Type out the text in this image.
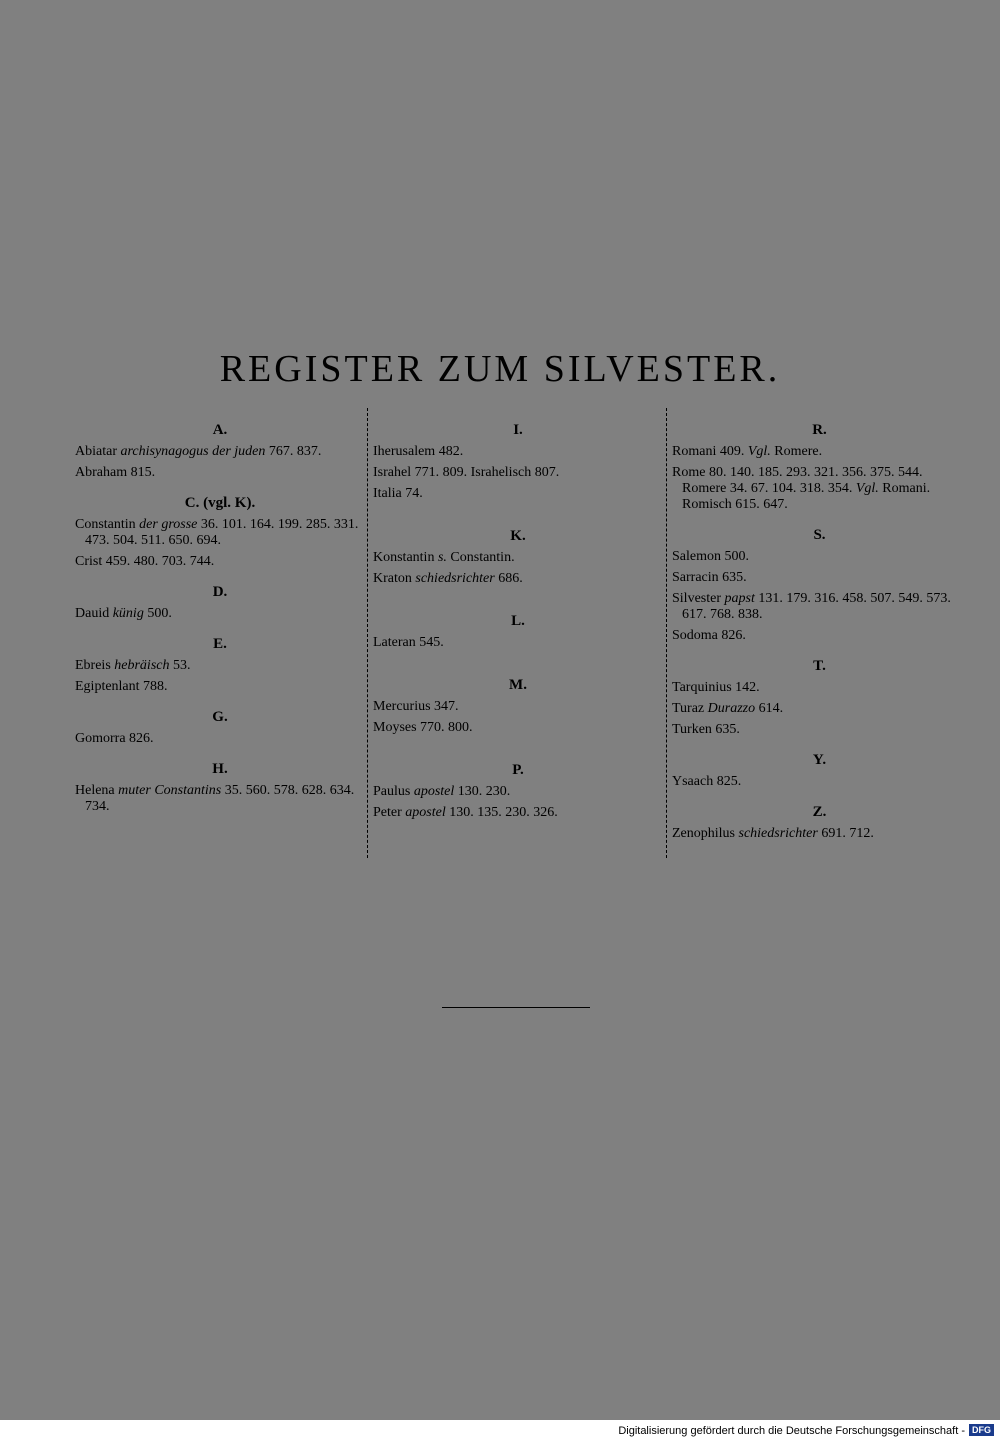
REGISTER ZUM SILVESTER.
A.
Abiatar archisynagogus der juden 767. 837.
Abraham 815.
C. (vgl. K).
Constantin der grosse 36. 101. 164. 199. 285. 331. 473. 504. 511. 650. 694.
Crist 459. 480. 703. 744.
D.
Dauid künig 500.
E.
Ebreis hebräisch 53.
Egiptenlant 788.
G.
Gomorra 826.
H.
Helena muter Constantins 35. 560. 578. 628. 634. 734.
I.
Iherusalem 482.
Israhel 771. 809. Israhelisch 807.
Italia 74.
K.
Konstantin s. Constantin.
Kraton schiedsrichter 686.
L.
Lateran 545.
M.
Mercurius 347.
Moyses 770. 800.
P.
Paulus apostel 130. 230.
Peter apostel 130. 135. 230. 326.
R.
Romani 409. Vgl. Romere.
Rome 80. 140. 185. 293. 321. 356. 375. 544. Romere 34. 67. 104. 318. 354. Vgl. Romani. Romisch 615. 647.
S.
Salemon 500.
Sarracin 635.
Silvester papst 131. 179. 316. 458. 507. 549. 573. 617. 768. 838.
Sodoma 826.
T.
Tarquinius 142.
Turaz Durazzo 614.
Turken 635.
Y.
Ysaach 825.
Z.
Zenophilus schiedsrichter 691. 712.
Digitalisierung gefördert durch die Deutsche Forschungsgemeinschaft - DFG
